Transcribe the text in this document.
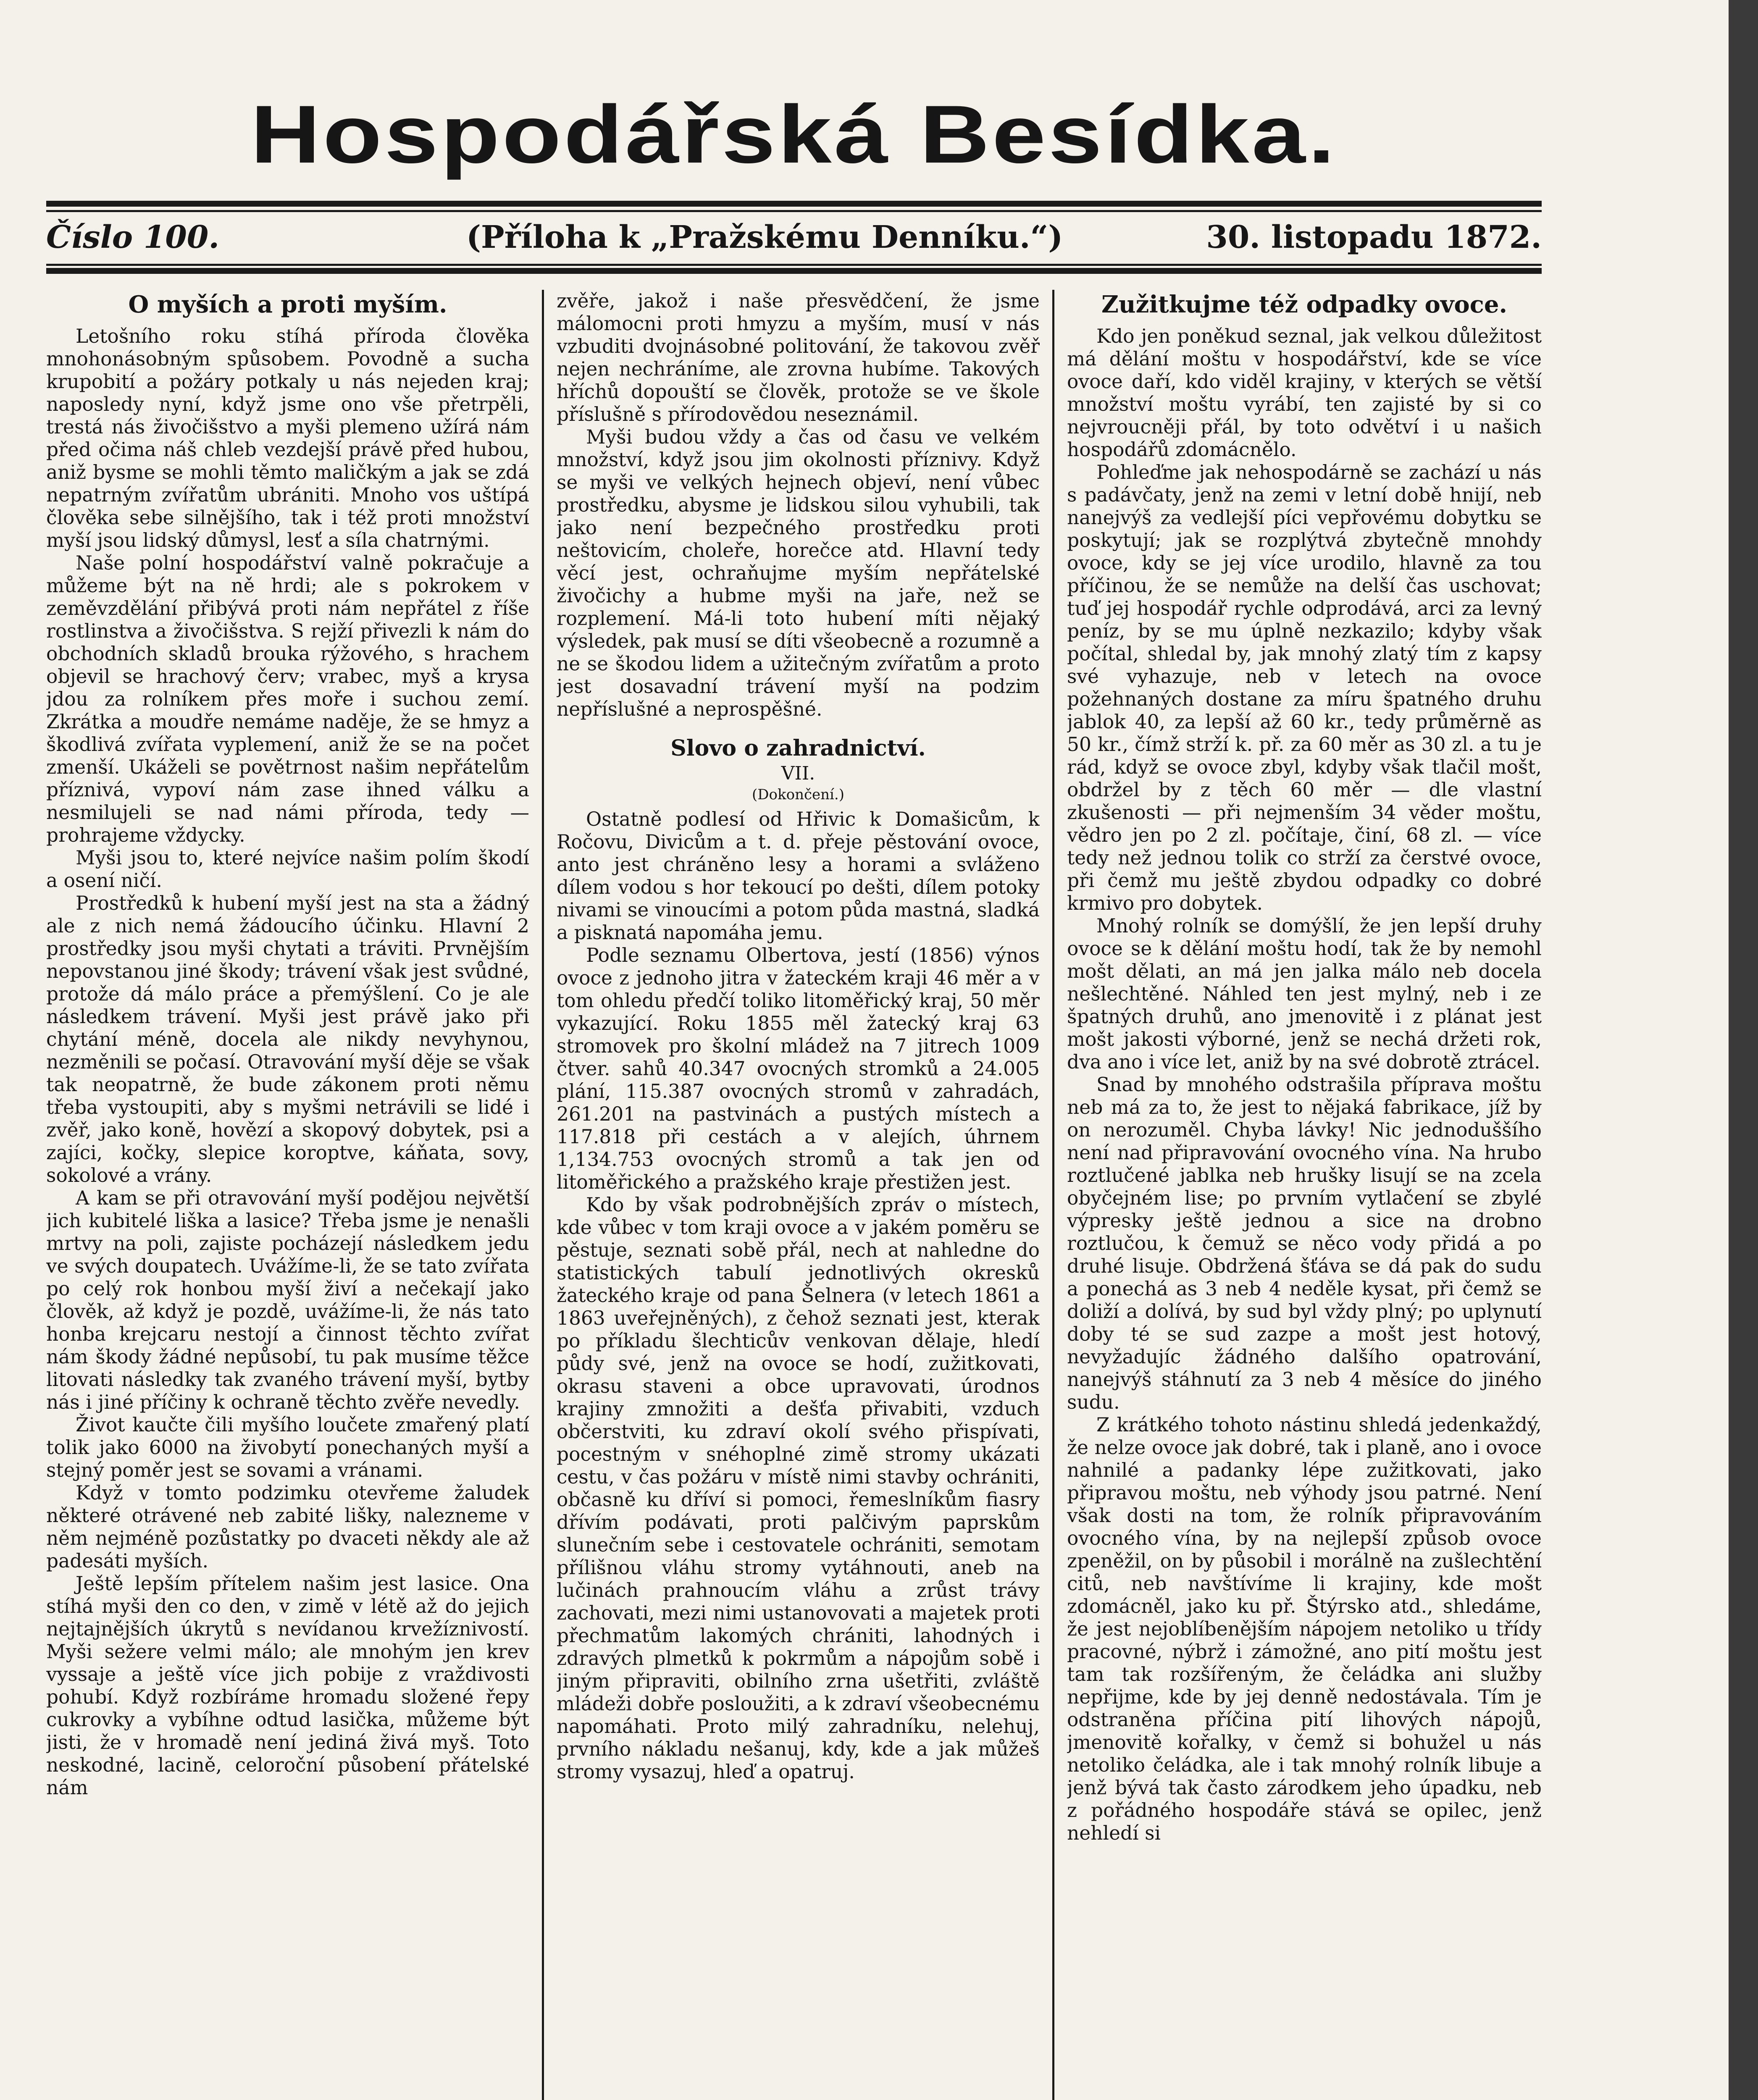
Hospodářská Besídka.
Číslo 100.	(Příloha k „Pražskému Denníku.“)	30. listopadu 1872.
O myších a proti myším.

Letošního roku stíhá příroda člověka mnohonásobným spůsobem. Povodně a sucha krupobití a požáry potkaly u nás nejeden kraj; naposledy nyní, když jsme ono vše přetrpěli, trestá nás živočišstvo a myši plemeno užírá nám před očima náš chleb vezdejší právě před hubou, aniž bysme se mohli těmto maličkým a jak se zdá nepatrným zvířatům ubrániti. Mnoho vos uštípá člověka sebe silnějšího, tak i též proti množství myší jsou lidský důmysl, lesť a síla chatrnými.

Naše polní hospodářství valně pokračuje a můžeme být na ně hrdi; ale s pokrokem v zeměvzdělání přibývá proti nám nepřátel z říše rostlinstva a živočišstva. S rejží přivezli k nám do obchodních skladů brouka rýžového, s hrachem objevil se hrachový červ; vrabec, myš a krysa jdou za rolníkem přes moře i suchou zemí. Zkrátka a moudře nemáme naděje, že se hmyz a škodlivá zvířata vyplemení, aniž že se na počet zmenší. Ukáželi se povětrnost našim nepřátelům příznivá, vypoví nám zase ihned válku a nesmilujeli se nad námi příroda, tedy — prohrajeme vždycky.

Myši jsou to, které nejvíce našim polím škodí a osení ničí.

Prostředků k hubení myší jest na sta a žádný ale z nich nemá žádoucího účinku. Hlavní 2 prostředky jsou myši chytati a tráviti. Prvnějším nepovstanou jiné škody; trávení však jest svůdné, protože dá málo práce a přemýšlení. Co je ale následkem trávení. Myši jest právě jako při chytání méně, docela ale nikdy nevyhynou, nezměnili se počasí. Otravování myší děje se však tak neopatrně, že bude zákonem proti němu třeba vystoupiti, aby s myšmi netrávili se lidé i zvěř, jako koně, hovězí a skopový dobytek, psi a zajíci, kočky, slepice koroptve, káňata, sovy, sokolové a vrány.

A kam se při otravování myší podějou největší jich kubitelé liška a lasice? Třeba jsme je nenašli mrtvy na poli, zajiste pocházejí následkem jedu ve svých doupatech. Uvážíme-li, že se tato zvířata po celý rok honbou myší živí a nečekají jako člověk, až když je pozdě, uvážíme-li, že nás tato honba krejcaru nestojí a činnost těchto zvířat nám škody žádné nepůsobí, tu pak musíme těžce litovati následky tak zvaného trávení myší, bytby nás i jiné příčiny k ochraně těchto zvěře nevedly.

Život kaučte čili myšího loučete zmařený platí tolik jako 6000 na živobytí ponechaných myší a stejný poměr jest se sovami a vránami.

Když v tomto podzimku otevřeme žaludek některé otrávené neb zabité lišky, nalezneme v něm nejméně pozůstatky po dvaceti někdy ale až padesáti myších.

Ještě lepším přítelem našim jest lasice. Ona stíhá myši den co den, v zimě v létě až do jejich nejtajnějších úkrytů s nevídanou krvežíznivostí. Myši sežere velmi málo; ale mnohým jen krev vyssaje a ještě více jich pobije z vraždivosti pohubí. Když rozbíráme hromadu složené řepy cukrovky a vybíhne odtud lasička, můžeme být jisti, že v hromadě není jediná živá myš. Toto neskodné, lacině, celoroční působení přátelské nám

zvěře, jakož i naše přesvědčení, že jsme málomocni proti hmyzu a myším, musí v nás vzbuditi dvojnásobné politování, že takovou zvěř nejen nechráníme, ale zrovna hubíme. Takových hříchů dopouští se člověk, protože se ve škole příslušně s přírodovědou neseznámil.

Myši budou vždy a čas od času ve velkém množství, když jsou jim okolnosti příznivy. Když se myši ve velkých hejnech objeví, není vůbec prostředku, abysme je lidskou silou vyhubili, tak jako není bezpečného prostředku proti neštovicím, choleře, horečce atd. Hlavní tedy věcí jest, ochraňujme myším nepřátelské živočichy a hubme myši na jaře, než se rozplemení. Má-li toto hubení míti nějaký výsledek, pak musí se díti všeobecně a rozumně a ne se škodou lidem a užitečným zvířatům a proto jest dosavadní trávení myší na podzim nepříslušné a neprospěšné.

Slovo o zahradnictví.
VII.
(Dokončení.)

Ostatně podlesí od Hřivic k Domašicům, k Ročovu, Divicům a t. d. přeje pěstování ovoce, anto jest chráněno lesy a horami a svláženo dílem vodou s hor tekoucí po dešti, dílem potoky nivami se vinoucími a potom půda mastná, sladká a pisknatá napomáha jemu.

Podle seznamu Olbertova, jestí (1856) výnos ovoce z jednoho jitra v žateckém kraji 46 měr a v tom ohledu předčí toliko litoměřický kraj, 50 měr vykazující. Roku 1855 měl žatecký kraj 63 stromovek pro školní mládež na 7 jitrech 1009 čtver. sahů 40.347 ovocných stromků a 24.005 plání, 115.387 ovocných stromů v zahradách, 261.201 na pastvinách a pustých místech a 117.818 při cestách a v alejích, úhrnem 1,134.753 ovocných stromů a tak jen od litoměřického a pražského kraje přestižen jest.

Kdo by však podrobnějších zpráv o místech, kde vůbec v tom kraji ovoce a v jakém poměru se pěstuje, seznati sobě přál, nech at nahledne do statistických tabulí jednotlivých okresků žateckého kraje od pana Šelnera (v letech 1861 a 1863 uveřejněných), z čehož seznati jest, kterak po příkladu šlechticův venkovan dělaje, hledí půdy své, jenž na ovoce se hodí, zužitkovati, okrasu staveni a obce upravovati, úrodnos krajiny zmnožiti a dešťa přivabiti, vzduch občerstviti, ku zdraví okolí svého přispívati, pocestným v snéhoplné zimě stromy ukázati cestu, v čas požáru v místě nimi stavby ochrániti, občasně ku dříví si pomoci, řemeslníkům fiasry dřívím podávati, proti palčivým paprskům slunečním sebe i cestovatele ochrániti, semotam přílišnou vláhu stromy vytáhnouti, aneb na lučinách prahnoucím vláhu a zrůst trávy zachovati, mezi nimi ustanovovati a majetek proti přechmatům lakomých chrániti, lahodných i zdravých plmetků k pokrmům a nápojům sobě i jiným připraviti, obilního zrna ušetřiti, zvláště mládeži dobře posloužiti, a k zdraví všeobecnému napomáhati. Proto milý zahradníku, nelehuj, prvního nákladu nešanuj, kdy, kde a jak můžeš stromy vysazuj, hleď a opatruj.

Zužitkujme též odpadky ovoce.

Kdo jen poněkud seznal, jak velkou důležitost má dělání moštu v hospodářství, kde se více ovoce daří, kdo viděl krajiny, v kterých se větší množství moštu vyrábí, ten zajisté by si co nejvroucněji přál, by toto odvětví i u našich hospodářů zdomácnělo.

Pohleďme jak nehospodárně se zachází u nás s padávčaty, jenž na zemi v letní době hnijí, neb nanejvýš za vedlejší píci vepřovému dobytku se poskytují; jak se rozplýtvá zbytečně mnohdy ovoce, kdy se jej více urodilo, hlavně za tou příčinou, že se nemůže na delší čas uschovat; tuď jej hospodář rychle odprodává, arci za levný peníz, by se mu úplně nezkazilo; kdyby však počítal, shledal by, jak mnohý zlatý tím z kapsy své vyhazuje, neb v letech na ovoce požehnaných dostane za míru špatného druhu jablok 40, za lepší až 60 kr., tedy průměrně as 50 kr., čímž strží k. př. za 60 měr as 30 zl. a tu je rád, když se ovoce zbyl, kdyby však tlačil mošt, obdržel by z těch 60 měr — dle vlastní zkušenosti — při nejmenším 34 věder moštu, vědro jen po 2 zl. počítaje, činí, 68 zl. — více tedy než jednou tolik co strží za čerstvé ovoce, při čemž mu ještě zbydou odpadky co dobré krmivo pro dobytek.

Mnohý rolník se domýšlí, že jen lepší druhy ovoce se k dělání moštu hodí, tak že by nemohl mošt dělati, an má jen jalka málo neb docela nešlechtěné. Náhled ten jest mylný, neb i ze špatných druhů, ano jmenovitě i z plánat jest mošt jakosti výborné, jenž se nechá držeti rok, dva ano i více let, aniž by na své dobrotě ztrácel.

Snad by mnohého odstrašila příprava moštu neb má za to, že jest to nějaká fabrikace, jíž by on nerozuměl. Chyba lávky! Nic jednoduššího není nad připravování ovocného vína. Na hrubo roztlučené jablka neb hrušky lisují se na zcela obyčejném lise; po prvním vytlačení se zbylé výpresky ještě jednou a sice na drobno roztlučou, k čemuž se něco vody přidá a po druhé lisuje. Obdržená šťáva se dá pak do sudu a ponechá as 3 neb 4 neděle kysat, při čemž se doliží a dolívá, by sud byl vždy plný; po uplynutí doby té se sud zazpe a mošt jest hotový, nevyžadujíc žádného dalšího opatrování, nanejvýš stáhnutí za 3 neb 4 měsíce do jiného sudu.

Z krátkého tohoto nástinu shledá jedenkaždý, že nelze ovoce jak dobré, tak i planě, ano i ovoce nahnilé a padanky lépe zužitkovati, jako připravou moštu, neb výhody jsou patrné. Není však dosti na tom, že rolník připravováním ovocného vína, by na nejlepší způsob ovoce zpeněžil, on by působil i morálně na zušlechtění citů, neb navštívíme li krajiny, kde mošt zdomácněl, jako ku př. Štýrsko atd., shledáme, že jest nejoblíbenějším nápojem netoliko u třídy pracovné, nýbrž i zámožné, ano pití moštu jest tam tak rozšířeným, že čeládka ani služby nepřijme, kde by jej denně nedostávala. Tím je odstraněna příčina pití lihových nápojů, jmenovitě kořalky, v čemž si bohužel u nás netoliko čeládka, ale i tak mnohý rolník libuje a jenž bývá tak často zárodkem jeho úpadku, neb z pořádného hospodáře stává se opilec, jenž nehledí si
